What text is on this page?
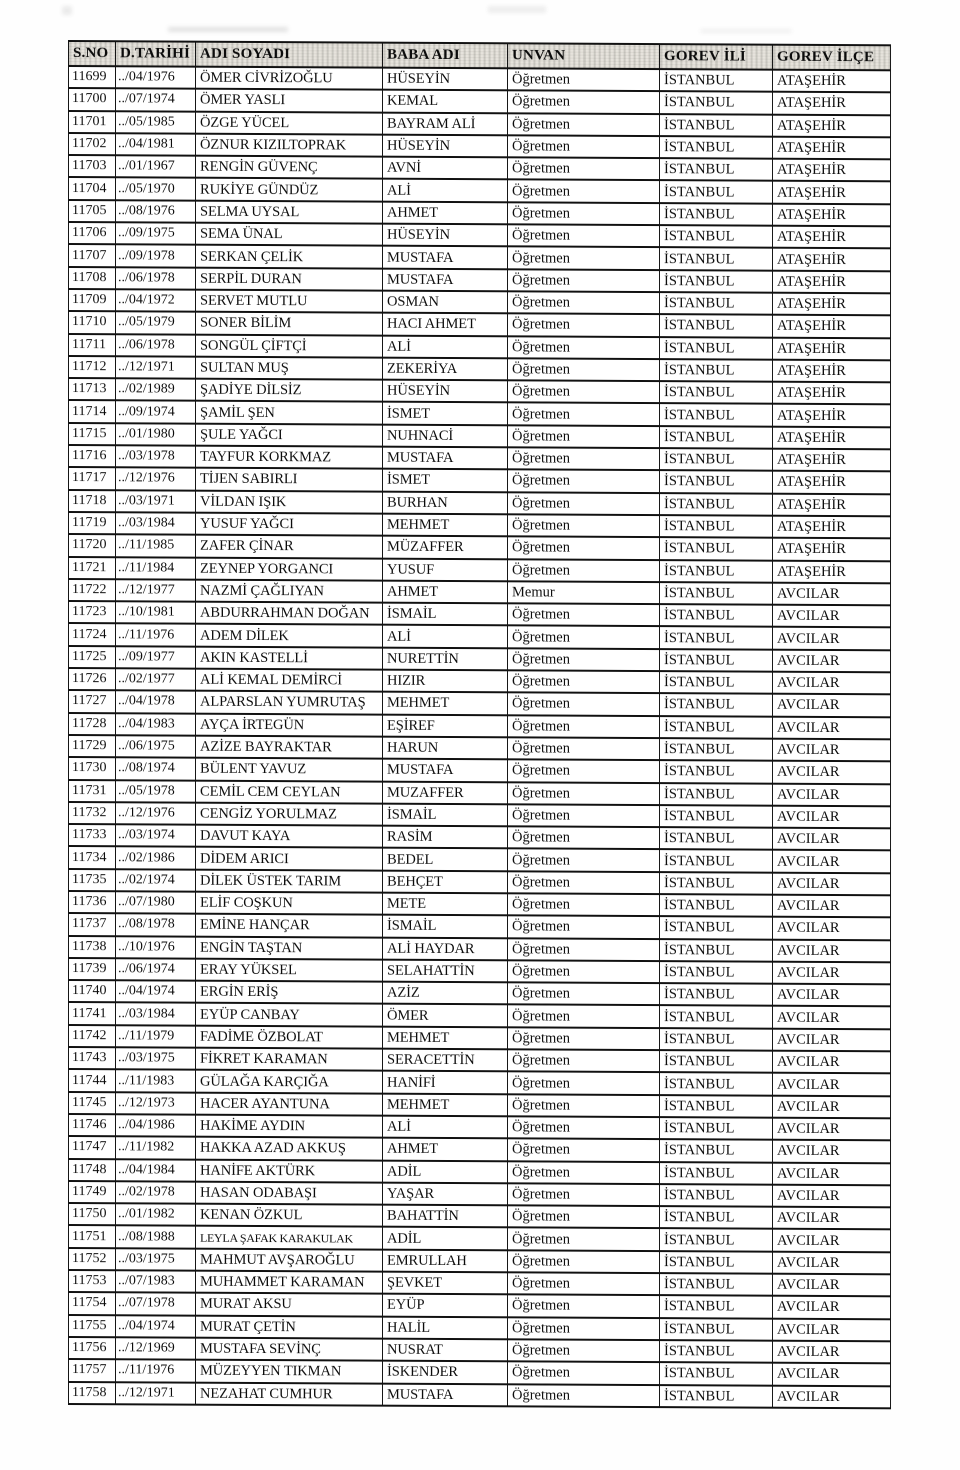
S.NO	D.TARİHİ	ADI SOYADI	BABA ADI	UNVAN	GOREV İLİ	GOREV İLÇE
11699	../04/1976	ÖMER CİVRİZOĞLU	HÜSEYİN	Öğretmen	İSTANBUL	ATAŞEHİR
11700	../07/1974	ÖMER YASLI	KEMAL	Öğretmen	İSTANBUL	ATAŞEHİR
11701	../05/1985	ÖZGE YÜCEL	BAYRAM ALİ	Öğretmen	İSTANBUL	ATAŞEHİR
11702	../04/1981	ÖZNUR KIZILTOPRAK	HÜSEYİN	Öğretmen	İSTANBUL	ATAŞEHİR
11703	../01/1967	RENGİN GÜVENÇ	AVNİ	Öğretmen	İSTANBUL	ATAŞEHİR
11704	../05/1970	RUKİYE GÜNDÜZ	ALİ	Öğretmen	İSTANBUL	ATAŞEHİR
11705	../08/1976	SELMA UYSAL	AHMET	Öğretmen	İSTANBUL	ATAŞEHİR
11706	../09/1975	SEMA ÜNAL	HÜSEYİN	Öğretmen	İSTANBUL	ATAŞEHİR
11707	../09/1978	SERKAN ÇELİK	MUSTAFA	Öğretmen	İSTANBUL	ATAŞEHİR
11708	../06/1978	SERPİL DURAN	MUSTAFA	Öğretmen	İSTANBUL	ATAŞEHİR
11709	../04/1972	SERVET MUTLU	OSMAN	Öğretmen	İSTANBUL	ATAŞEHİR
11710	../05/1979	SONER BİLİM	HACI AHMET	Öğretmen	İSTANBUL	ATAŞEHİR
11711	../06/1978	SONGÜL ÇİFTÇİ	ALİ	Öğretmen	İSTANBUL	ATAŞEHİR
11712	../12/1971	SULTAN MUŞ	ZEKERİYA	Öğretmen	İSTANBUL	ATAŞEHİR
11713	../02/1989	ŞADİYE DİLSİZ	HÜSEYİN	Öğretmen	İSTANBUL	ATAŞEHİR
11714	../09/1974	ŞAMİL ŞEN	İSMET	Öğretmen	İSTANBUL	ATAŞEHİR
11715	../01/1980	ŞULE YAĞCI	NUHNACİ	Öğretmen	İSTANBUL	ATAŞEHİR
11716	../03/1978	TAYFUR KORKMAZ	MUSTAFA	Öğretmen	İSTANBUL	ATAŞEHİR
11717	../12/1976	TİJEN SABIRLI	İSMET	Öğretmen	İSTANBUL	ATAŞEHİR
11718	../03/1971	VİLDAN IŞIK	BURHAN	Öğretmen	İSTANBUL	ATAŞEHİR
11719	../03/1984	YUSUF YAĞCI	MEHMET	Öğretmen	İSTANBUL	ATAŞEHİR
11720	../11/1985	ZAFER ÇİNAR	MÜZAFFER	Öğretmen	İSTANBUL	ATAŞEHİR
11721	../11/1984	ZEYNEP YORGANCI	YUSUF	Öğretmen	İSTANBUL	ATAŞEHİR
11722	../12/1977	NAZMİ ÇAĞLIYAN	AHMET	Memur	İSTANBUL	AVCILAR
11723	../10/1981	ABDURRAHMAN DOĞAN	İSMAİL	Öğretmen	İSTANBUL	AVCILAR
11724	../11/1976	ADEM DİLEK	ALİ	Öğretmen	İSTANBUL	AVCILAR
11725	../09/1977	AKIN KASTELLİ	NURETTİN	Öğretmen	İSTANBUL	AVCILAR
11726	../02/1977	ALİ KEMAL DEMİRCİ	HIZIR	Öğretmen	İSTANBUL	AVCILAR
11727	../04/1978	ALPARSLAN YUMRUTAŞ	MEHMET	Öğretmen	İSTANBUL	AVCILAR
11728	../04/1983	AYÇA İRTEGÜN	EŞİREF	Öğretmen	İSTANBUL	AVCILAR
11729	../06/1975	AZİZE BAYRAKTAR	HARUN	Öğretmen	İSTANBUL	AVCILAR
11730	../08/1974	BÜLENT YAVUZ	MUSTAFA	Öğretmen	İSTANBUL	AVCILAR
11731	../05/1978	CEMİL CEM CEYLAN	MUZAFFER	Öğretmen	İSTANBUL	AVCILAR
11732	../12/1976	CENGİZ YORULMAZ	İSMAİL	Öğretmen	İSTANBUL	AVCILAR
11733	../03/1974	DAVUT KAYA	RASİM	Öğretmen	İSTANBUL	AVCILAR
11734	../02/1986	DİDEM ARICI	BEDEL	Öğretmen	İSTANBUL	AVCILAR
11735	../02/1974	DİLEK ÜSTEK TARIM	BEHÇET	Öğretmen	İSTANBUL	AVCILAR
11736	../07/1980	ELİF COŞKUN	METE	Öğretmen	İSTANBUL	AVCILAR
11737	../08/1978	EMİNE HANÇAR	İSMAİL	Öğretmen	İSTANBUL	AVCILAR
11738	../10/1976	ENGİN TAŞTAN	ALİ HAYDAR	Öğretmen	İSTANBUL	AVCILAR
11739	../06/1974	ERAY YÜKSEL	SELAHATTİN	Öğretmen	İSTANBUL	AVCILAR
11740	../04/1974	ERGİN ERİŞ	AZİZ	Öğretmen	İSTANBUL	AVCILAR
11741	../03/1984	EYÜP CANBAY	ÖMER	Öğretmen	İSTANBUL	AVCILAR
11742	../11/1979	FADİME ÖZBOLAT	MEHMET	Öğretmen	İSTANBUL	AVCILAR
11743	../03/1975	FİKRET KARAMAN	SERACETTİN	Öğretmen	İSTANBUL	AVCILAR
11744	../11/1983	GÜLAĞA KARÇIĞA	HANİFİ	Öğretmen	İSTANBUL	AVCILAR
11745	../12/1973	HACER AYANTUNA	MEHMET	Öğretmen	İSTANBUL	AVCILAR
11746	../04/1986	HAKİME AYDIN	ALİ	Öğretmen	İSTANBUL	AVCILAR
11747	../11/1982	HAKKA AZAD AKKUŞ	AHMET	Öğretmen	İSTANBUL	AVCILAR
11748	../04/1984	HANİFE AKTÜRK	ADİL	Öğretmen	İSTANBUL	AVCILAR
11749	../02/1978	HASAN ODABAŞI	YAŞAR	Öğretmen	İSTANBUL	AVCILAR
11750	../01/1982	KENAN ÖZKUL	BAHATTİN	Öğretmen	İSTANBUL	AVCILAR
11751	../08/1988	LEYLA ŞAFAK KARAKULAK	ADİL	Öğretmen	İSTANBUL	AVCILAR
11752	../03/1975	MAHMUT AVŞAROĞLU	EMRULLAH	Öğretmen	İSTANBUL	AVCILAR
11753	../07/1983	MUHAMMET KARAMAN	ŞEVKET	Öğretmen	İSTANBUL	AVCILAR
11754	../07/1978	MURAT AKSU	EYÜP	Öğretmen	İSTANBUL	AVCILAR
11755	../04/1974	MURAT ÇETİN	HALİL	Öğretmen	İSTANBUL	AVCILAR
11756	../12/1969	MUSTAFA SEVİNÇ	NUSRAT	Öğretmen	İSTANBUL	AVCILAR
11757	../11/1976	MÜZEYYEN TIKMAN	İSKENDER	Öğretmen	İSTANBUL	AVCILAR
11758	../12/1971	NEZAHAT CUMHUR	MUSTAFA	Öğretmen	İSTANBUL	AVCILAR
